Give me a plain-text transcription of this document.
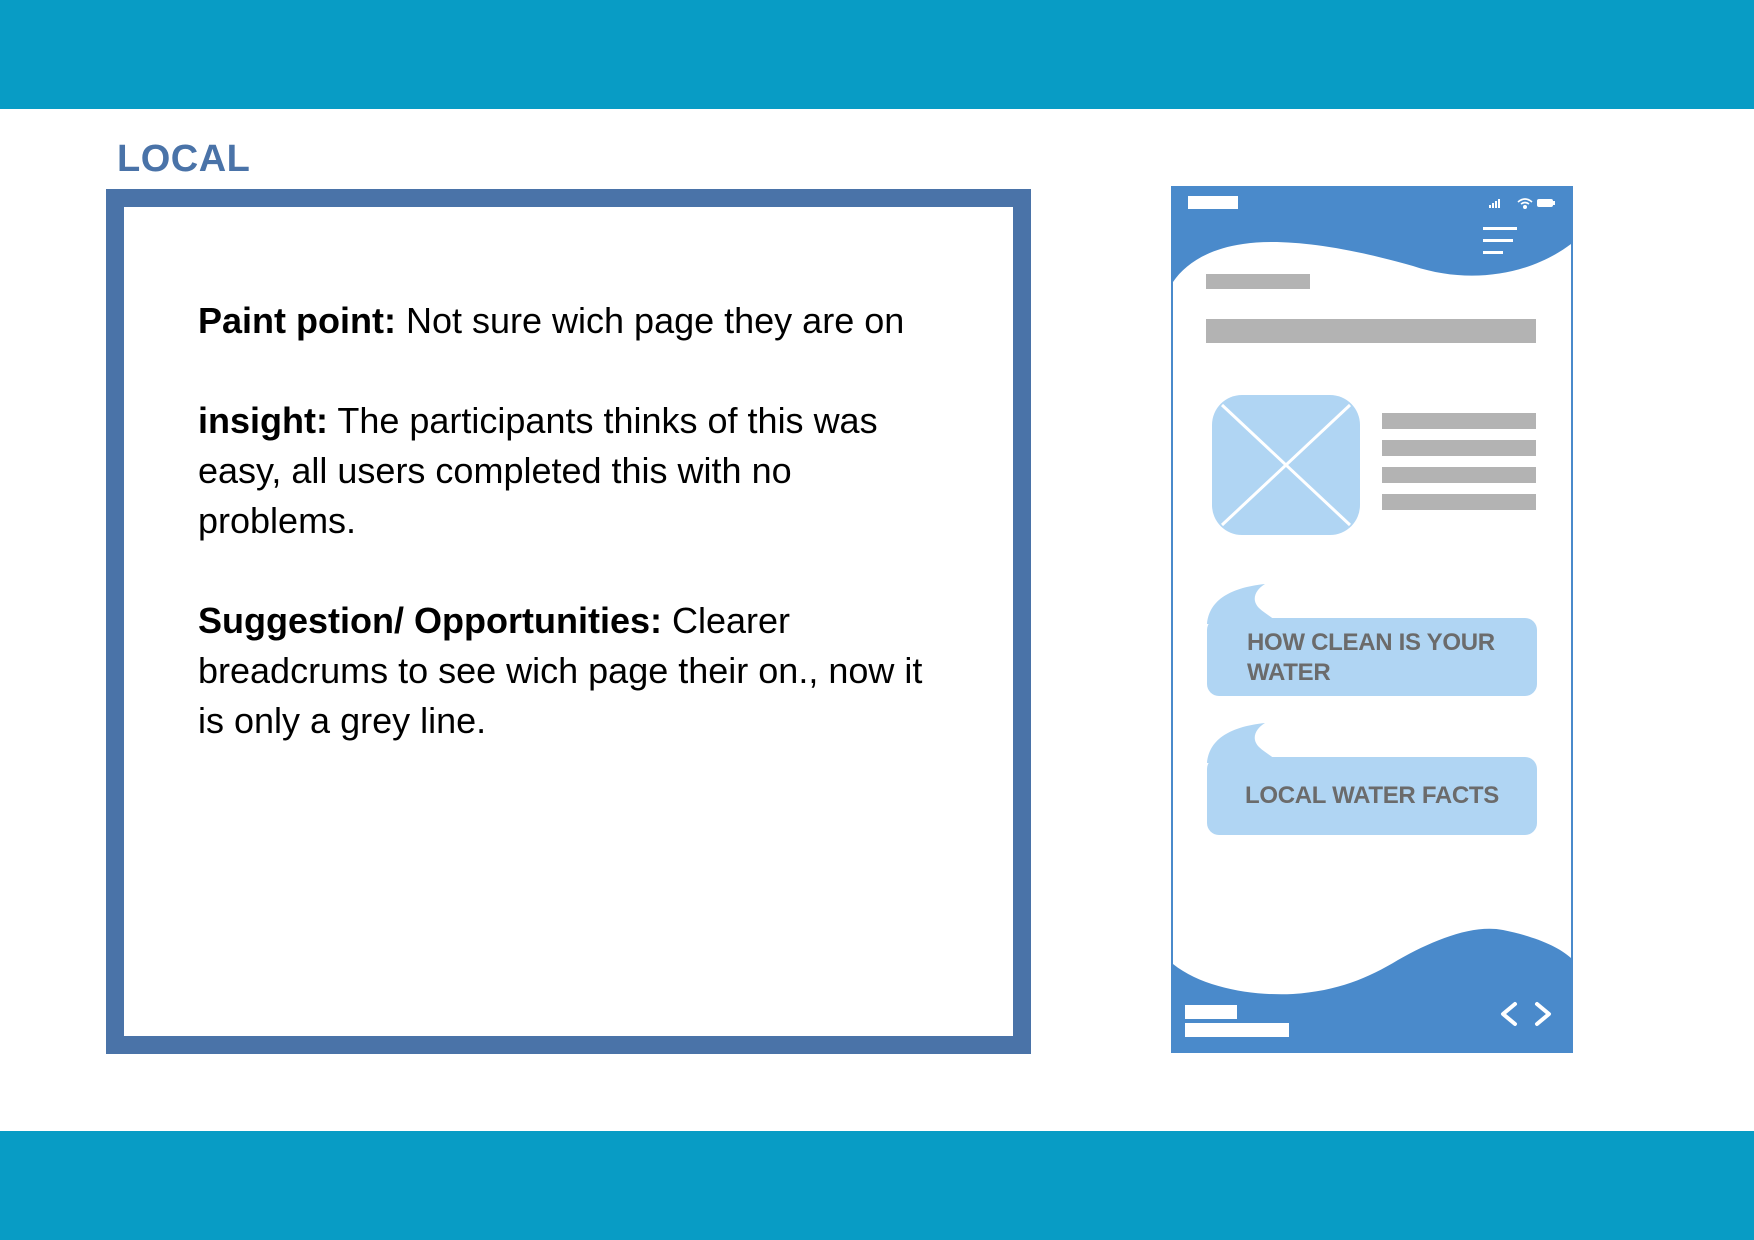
LOCAL

Paint point: Not sure wich page they are on

insight: The participants thinks of this was easy, all users completed this with no problems.

Suggestion/ Opportunities: Clearer breadcrums to see wich page their on., now it is only a grey line.

HOW CLEAN IS YOUR WATER
LOCAL WATER FACTS
